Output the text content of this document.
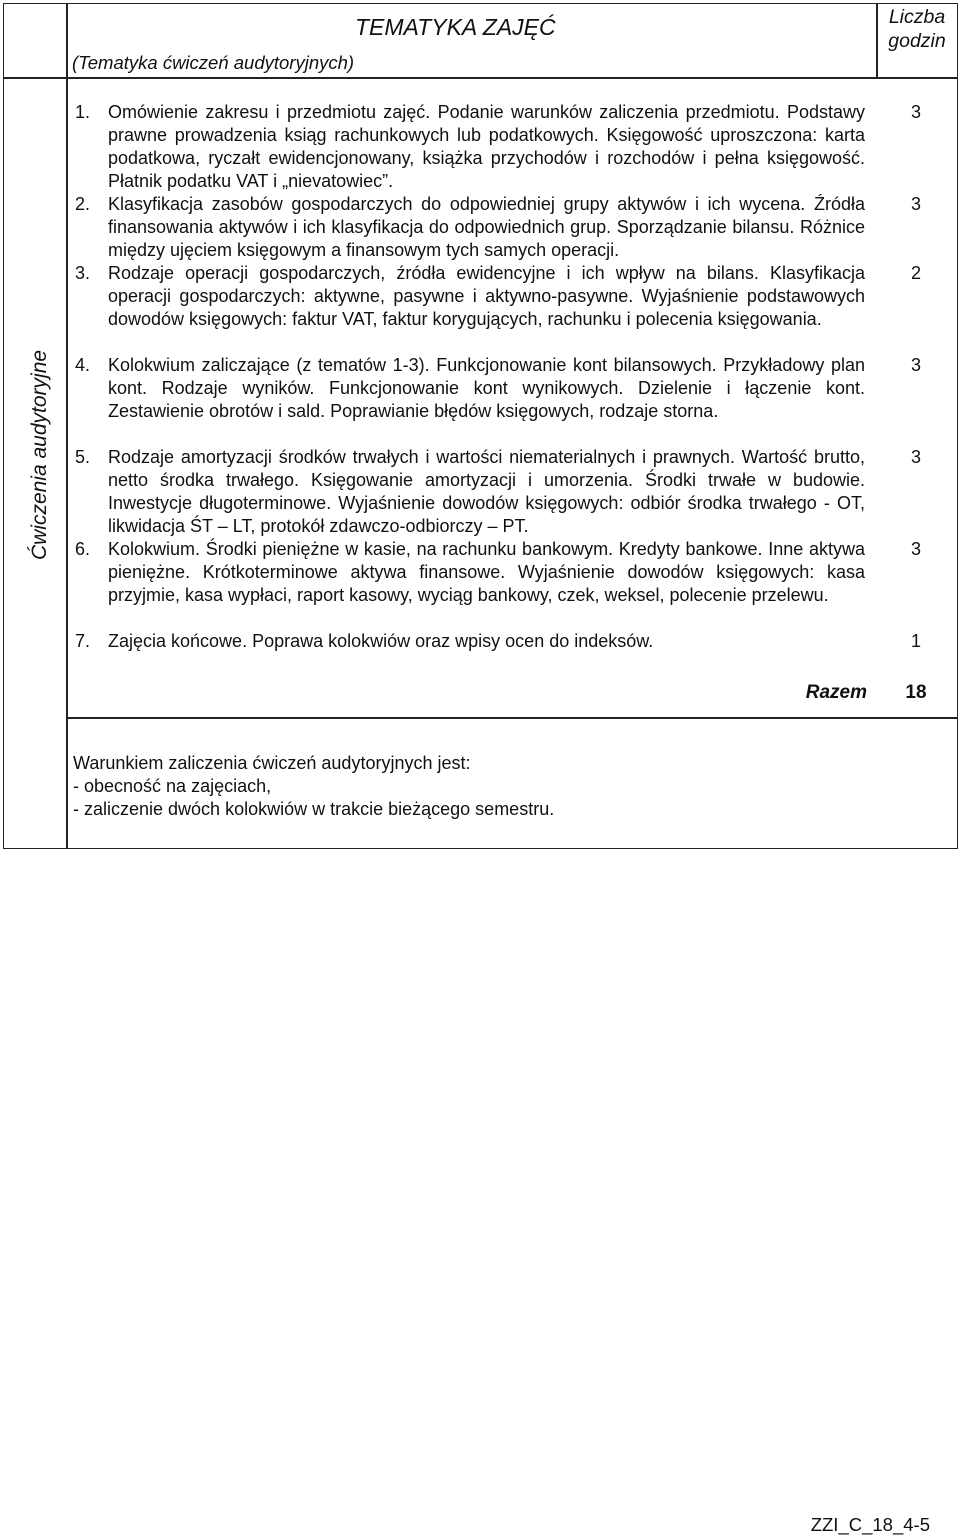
TEMATYKA ZAJĘĆ
(Tematyka ćwiczeń audytoryjnych)
Liczba
godzin
Ćwiczenia audytoryjne
1. Omówienie zakresu i przedmiotu zajęć. Podanie warunków zaliczenia przedmiotu. Podstawy prawne prowadzenia ksiąg rachunkowych lub podatkowych. Księgowość uproszczona: karta podatkowa, ryczałt ewidencjonowany, książka przychodów i rozchodów i pełna księgowość. Płatnik podatku VAT i „nievatowiec”.
2. Klasyfikacja zasobów gospodarczych do odpowiedniej grupy aktywów i ich wycena. Źródła finansowania aktywów i ich klasyfikacja do odpowiednich grup. Sporządzanie bilansu. Różnice między ujęciem księgowym a finansowym tych samych operacji.
3. Rodzaje operacji gospodarczych, źródła ewidencyjne i ich wpływ na bilans. Klasyfikacja operacji gospodarczych: aktywne, pasywne i aktywno-pasywne. Wyjaśnienie podstawowych dowodów księgowych: faktur VAT, faktur korygujących, rachunku i polecenia księgowania.
4. Kolokwium zaliczające (z tematów 1-3). Funkcjonowanie kont bilansowych. Przykładowy plan kont. Rodzaje wyników. Funkcjonowanie kont wynikowych. Dzielenie i łączenie kont. Zestawienie obrotów i sald. Poprawianie błędów księgowych, rodzaje storna.
5. Rodzaje amortyzacji środków trwałych i wartości niematerialnych i prawnych. Wartość brutto, netto środka trwałego. Księgowanie amortyzacji i umorzenia. Środki trwałe w budowie. Inwestycje długoterminowe. Wyjaśnienie dowodów księgowych: odbiór środka trwałego - OT, likwidacja ŚT – LT, protokół zdawczo-odbiorczy – PT.
6. Kolokwium. Środki pieniężne w kasie, na rachunku bankowym. Kredyty bankowe. Inne aktywa pieniężne. Krótkoterminowe aktywa finansowe. Wyjaśnienie dowodów księgowych: kasa przyjmie, kasa wypłaci, raport kasowy, wyciąg bankowy, czek, weksel, polecenie przelewu.
7. Zajęcia końcowe. Poprawa kolokwiów oraz wpisy ocen do indeksów.
3
3
2
3
3
3
1
Razem	18
Warunkiem zaliczenia ćwiczeń audytoryjnych jest:
- obecność na zajęciach,
- zaliczenie dwóch kolokwiów w trakcie bieżącego semestru.
ZZI_C_18_4-5
